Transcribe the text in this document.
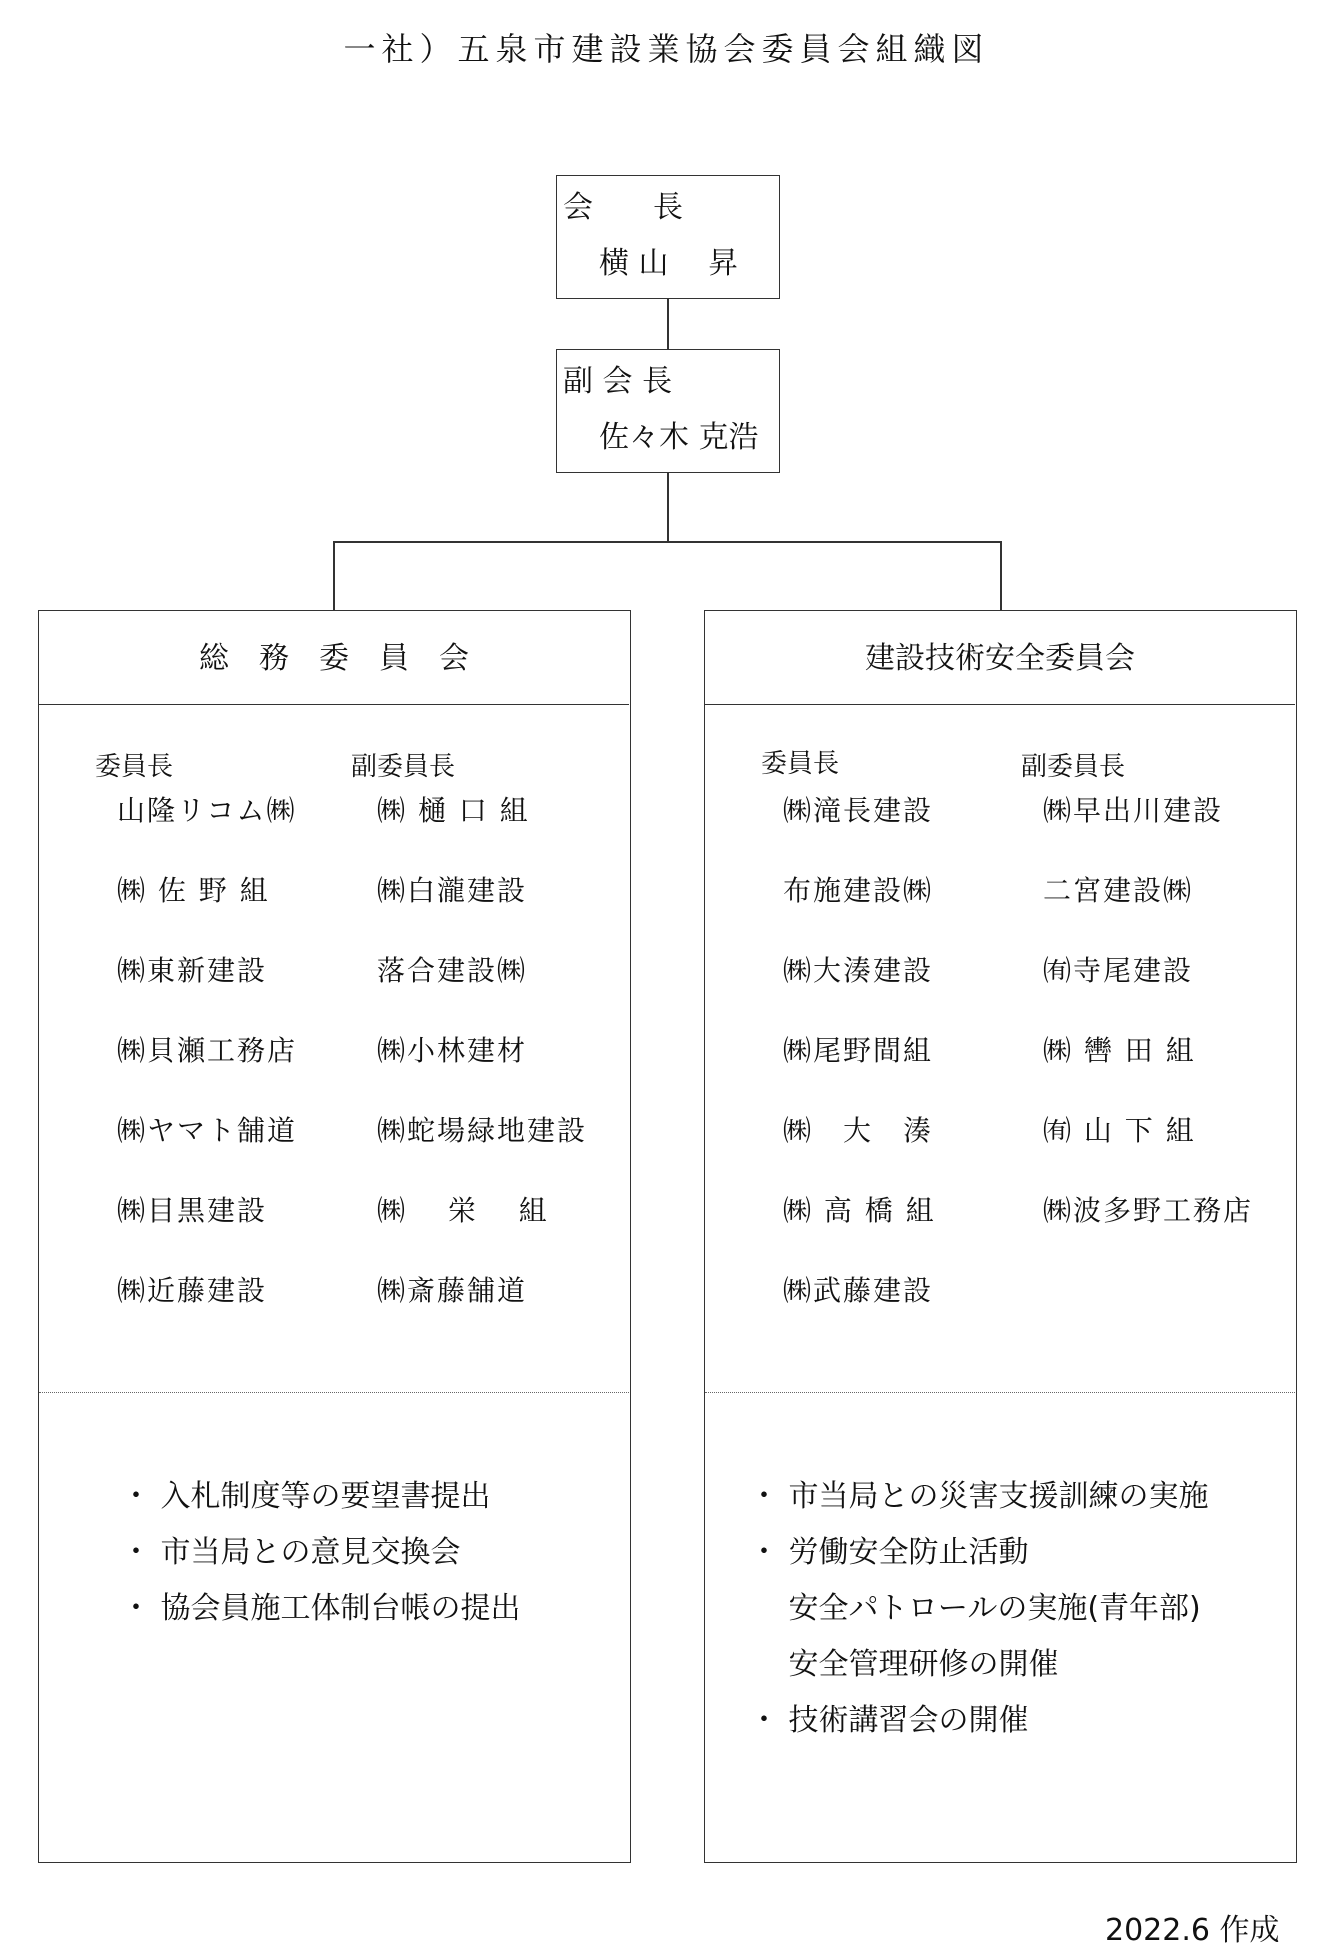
一社）五泉市建設業協会委員会組織図
会　　長
横 山　 昇
副 会 長
佐々木 克浩
総　務　委　員　会
委員長	副委員長
山隆リコム㈱
㈱ 佐 野 組
㈱東新建設
㈱貝瀬工務店
㈱ヤマト舗道
㈱目黒建設
㈱近藤建設
㈱ 樋 口 組
㈱白瀧建設
落合建設㈱
㈱小林建材
㈱蛇場緑地建設
㈱　 栄　 組
㈱斎藤舗道
・ 入札制度等の要望書提出
・ 市当局との意見交換会
・ 協会員施工体制台帳の提出
建設技術安全委員会
委員長	副委員長
㈱滝長建設
布施建設㈱
㈱大湊建設
㈱尾野間組
㈱　大　湊
㈱ 高 橋 組
㈱武藤建設
㈱早出川建設
二宮建設㈱
㈲寺尾建設
㈱ 轡 田 組
㈲ 山 下 組
㈱波多野工務店
・ 市当局との災害支援訓練の実施
・ 労働安全防止活動
　 安全パトロールの実施(青年部)
　 安全管理研修の開催
・ 技術講習会の開催
2022.6 作成
